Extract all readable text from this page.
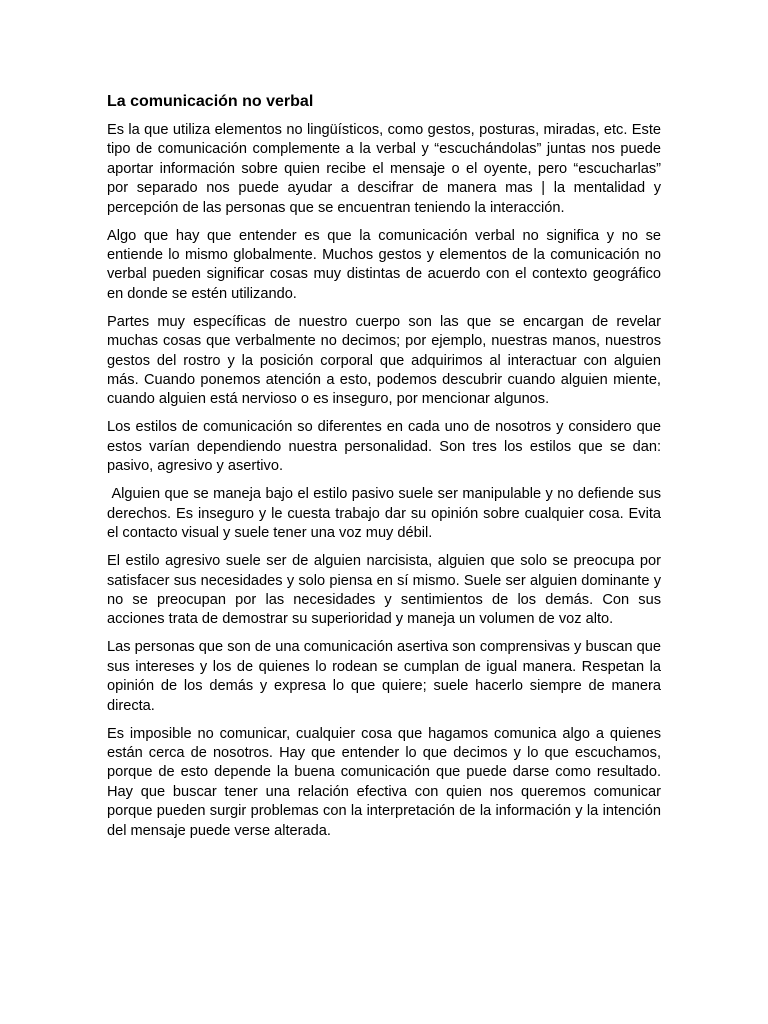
La comunicación no verbal

Es la que utiliza elementos no lingüísticos, como gestos, posturas, miradas, etc. Este tipo de comunicación complemente a la verbal y “escuchándolas” juntas nos puede aportar información sobre quien recibe el mensaje o el oyente, pero “escucharlas” por separado nos puede ayudar a descifrar de manera mas | la mentalidad y percepción de las personas que se encuentran teniendo la interacción.

Algo que hay que entender es que la comunicación verbal no significa y no se entiende lo mismo globalmente. Muchos gestos y elementos de la comunicación no verbal pueden significar cosas muy distintas de acuerdo con el contexto geográfico en donde se estén utilizando.

Partes muy específicas de nuestro cuerpo son las que se encargan de revelar muchas cosas que verbalmente no decimos; por ejemplo, nuestras manos, nuestros gestos del rostro y la posición corporal que adquirimos al interactuar con alguien más. Cuando ponemos atención a esto, podemos descubrir cuando alguien miente, cuando alguien está nervioso o es inseguro, por mencionar algunos.

Los estilos de comunicación so diferentes en cada uno de nosotros y considero que estos varían dependiendo nuestra personalidad. Son tres los estilos que se dan: pasivo, agresivo y asertivo.

Alguien que se maneja bajo el estilo pasivo suele ser manipulable y no defiende sus derechos. Es inseguro y le cuesta trabajo dar su opinión sobre cualquier cosa. Evita el contacto visual y suele tener una voz muy débil.

El estilo agresivo suele ser de alguien narcisista, alguien que solo se preocupa por satisfacer sus necesidades y solo piensa en sí mismo. Suele ser alguien dominante y no se preocupan por las necesidades y sentimientos de los demás. Con sus acciones trata de demostrar su superioridad y maneja un volumen de voz alto.

Las personas que son de una comunicación asertiva son comprensivas y buscan que sus intereses y los de quienes lo rodean se cumplan de igual manera. Respetan la opinión de los demás y expresa lo que quiere; suele hacerlo siempre de manera directa.

Es imposible no comunicar, cualquier cosa que hagamos comunica algo a quienes están cerca de nosotros. Hay que entender lo que decimos y lo que escuchamos, porque de esto depende la buena comunicación que puede darse como resultado. Hay que buscar tener una relación efectiva con quien nos queremos comunicar porque pueden surgir problemas con la interpretación de la información y la intención del mensaje puede verse alterada.
